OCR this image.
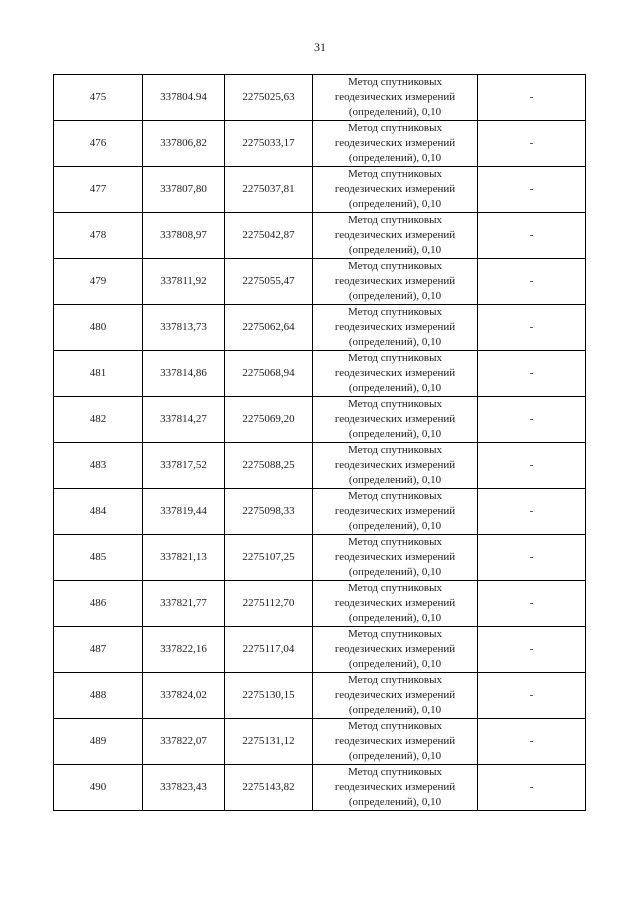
31
475	337804.94	2275025,63	Метод спутниковых
геодезических измерений
(определений), 0,10	-
476	337806,82	2275033,17	Метод спутниковых
геодезических измерений
(определений), 0,10	-
477	337807,80	2275037,81	Метод спутниковых
геодезических измерений
(определений), 0,10	-
478	337808,97	2275042,87	Метод спутниковых
геодезических измерений
(определений), 0,10	-
479	337811,92	2275055,47	Метод спутниковых
геодезических измерений
(определений), 0,10	-
480	337813,73	2275062,64	Метод спутниковых
геодезических измерений
(определений), 0,10	-
481	337814,86	2275068,94	Метод спутниковых
геодезических измерений
(определений), 0,10	-
482	337814,27	2275069,20	Метод спутниковых
геодезических измерений
(определений), 0,10	-
483	337817,52	2275088,25	Метод спутниковых
геодезических измерений
(определений), 0,10	-
484	337819,44	2275098,33	Метод спутниковых
геодезических измерений
(определений), 0,10	-
485	337821,13	2275107,25	Метод спутниковых
геодезических измерений
(определений), 0,10	-
486	337821,77	2275112,70	Метод спутниковых
геодезических измерений
(определений), 0,10	-
487	337822,16	2275117,04	Метод спутниковых
геодезических измерений
(определений), 0,10	-
488	337824,02	2275130,15	Метод спутниковых
геодезических измерений
(определений), 0,10	-
489	337822,07	2275131,12	Метод спутниковых
геодезических измерений
(определений), 0,10	-
490	337823,43	2275143,82	Метод спутниковых
геодезических измерений
(определений), 0,10	-
